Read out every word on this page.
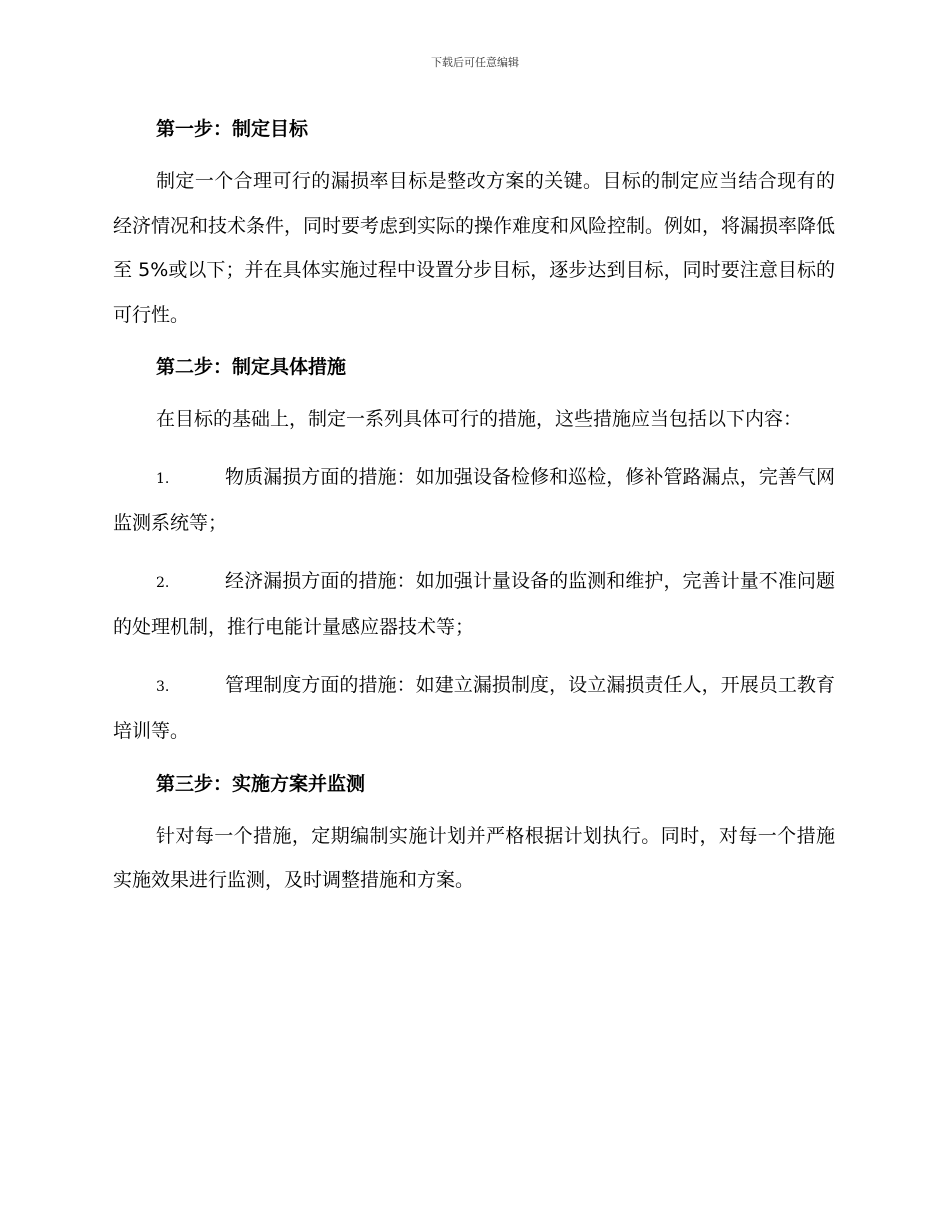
下载后可任意编辑
第一步：制定目标

制定一个合理可行的漏损率目标是整改方案的关键。目标的制定应当结合现有的经济情况和技术条件，同时要考虑到实际的操作难度和风险控制。例如，将漏损率降低至 5%或以下；并在具体实施过程中设置分步目标，逐步达到目标，同时要注意目标的可行性。

第二步：制定具体措施

在目标的基础上，制定一系列具体可行的措施，这些措施应当包括以下内容：

1.	物质漏损方面的措施：如加强设备检修和巡检，修补管路漏点，完善气网监测系统等；

2.	经济漏损方面的措施：如加强计量设备的监测和维护，完善计量不准问题的处理机制，推行电能计量感应器技术等；

3.	管理制度方面的措施：如建立漏损制度，设立漏损责任人，开展员工教育培训等。

第三步：实施方案并监测

针对每一个措施，定期编制实施计划并严格根据计划执行。同时，对每一个措施实施效果进行监测，及时调整措施和方案。
